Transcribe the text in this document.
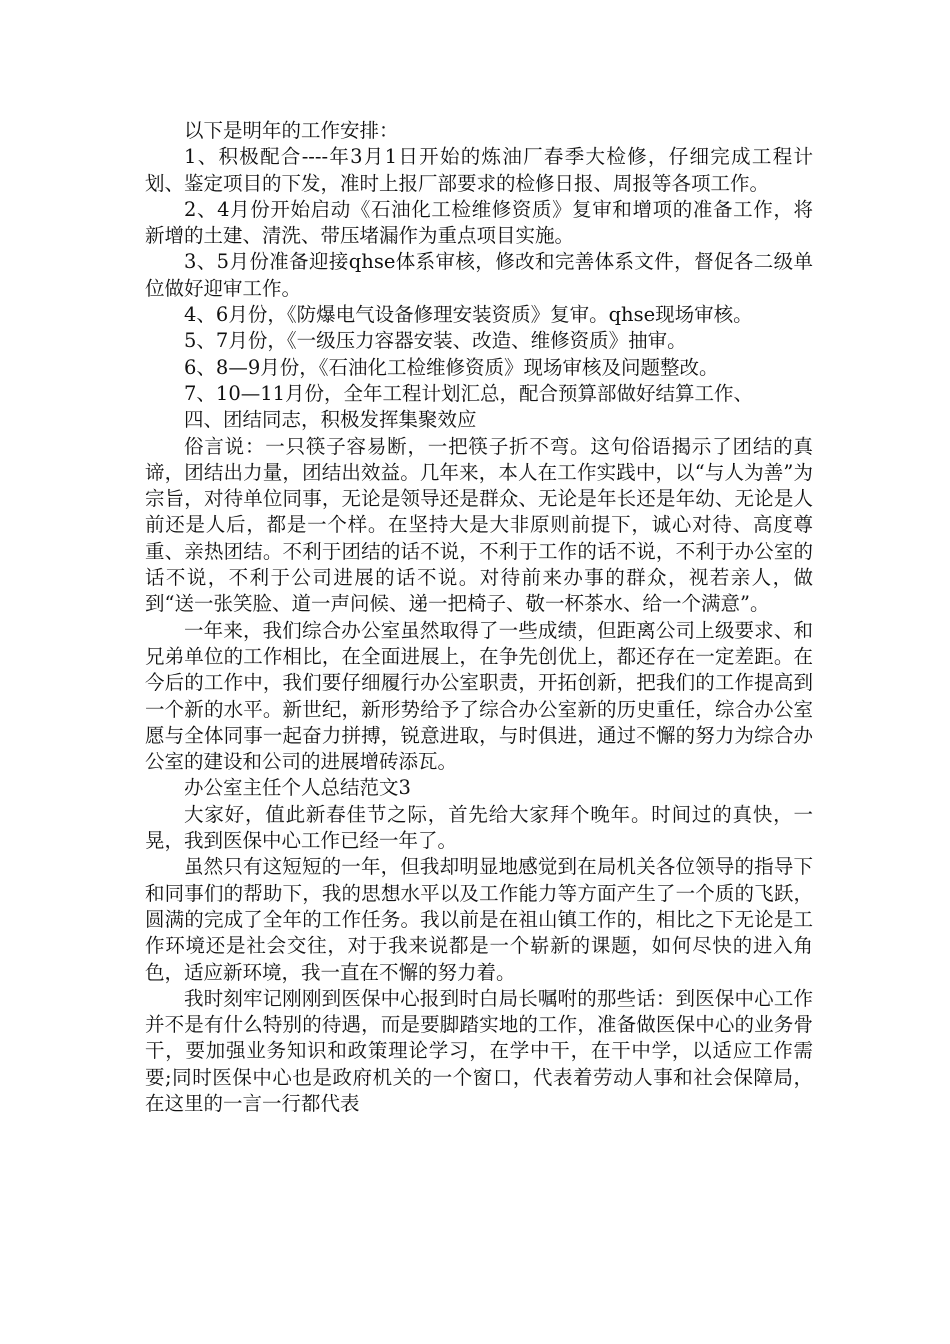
以下是明年的工作安排：

1、积极配合----年3月1日开始的炼油厂春季大检修，仔细完成工程计划、鉴定项目的下发，准时上报厂部要求的检修日报、周报等各项工作。

2、4月份开始启动《石油化工检维修资质》复审和增项的准备工作，将新增的土建、清洗、带压堵漏作为重点项目实施。

3、5月份准备迎接qhse体系审核，修改和完善体系文件，督促各二级单位做好迎审工作。

4、6月份，《防爆电气设备修理安装资质》复审。qhse现场审核。

5、7月份，《一级压力容器安装、改造、维修资质》抽审。

6、8—9月份，《石油化工检维修资质》现场审核及问题整改。

7、10—11月份，全年工程计划汇总，配合预算部做好结算工作、

四、团结同志，积极发挥集聚效应

俗言说：一只筷子容易断，一把筷子折不弯。这句俗语揭示了团结的真谛，团结出力量，团结出效益。几年来，本人在工作实践中，以“与人为善”为宗旨，对待单位同事，无论是领导还是群众、无论是年长还是年幼、无论是人前还是人后，都是一个样。在坚持大是大非原则前提下，诚心对待、高度尊重、亲热团结。不利于团结的话不说，不利于工作的话不说，不利于办公室的话不说，不利于公司进展的话不说。对待前来办事的群众，视若亲人，做到“送一张笑脸、道一声问候、递一把椅子、敬一杯茶水、给一个满意”。

一年来，我们综合办公室虽然取得了一些成绩，但距离公司上级要求、和兄弟单位的工作相比，在全面进展上，在争先创优上，都还存在一定差距。在今后的工作中，我们要仔细履行办公室职责，开拓创新，把我们的工作提高到一个新的水平。新世纪，新形势给予了综合办公室新的历史重任，综合办公室愿与全体同事一起奋力拼搏，锐意进取，与时俱进，通过不懈的努力为综合办公室的建设和公司的进展增砖添瓦。

办公室主任个人总结范文3

大家好，值此新春佳节之际，首先给大家拜个晚年。时间过的真快，一晃，我到医保中心工作已经一年了。

虽然只有这短短的一年，但我却明显地感觉到在局机关各位领导的指导下和同事们的帮助下，我的思想水平以及工作能力等方面产生了一个质的飞跃，圆满的完成了全年的工作任务。我以前是在祖山镇工作的，相比之下无论是工作环境还是社会交往，对于我来说都是一个崭新的课题，如何尽快的进入角色，适应新环境，我一直在不懈的努力着。

我时刻牢记刚刚到医保中心报到时白局长嘱咐的那些话：到医保中心工作并不是有什么特别的待遇，而是要脚踏实地的工作，准备做医保中心的业务骨干，要加强业务知识和政策理论学习，在学中干，在干中学，以适应工作需要;同时医保中心也是政府机关的一个窗口，代表着劳动人事和社会保障局，在这里的一言一行都代表
